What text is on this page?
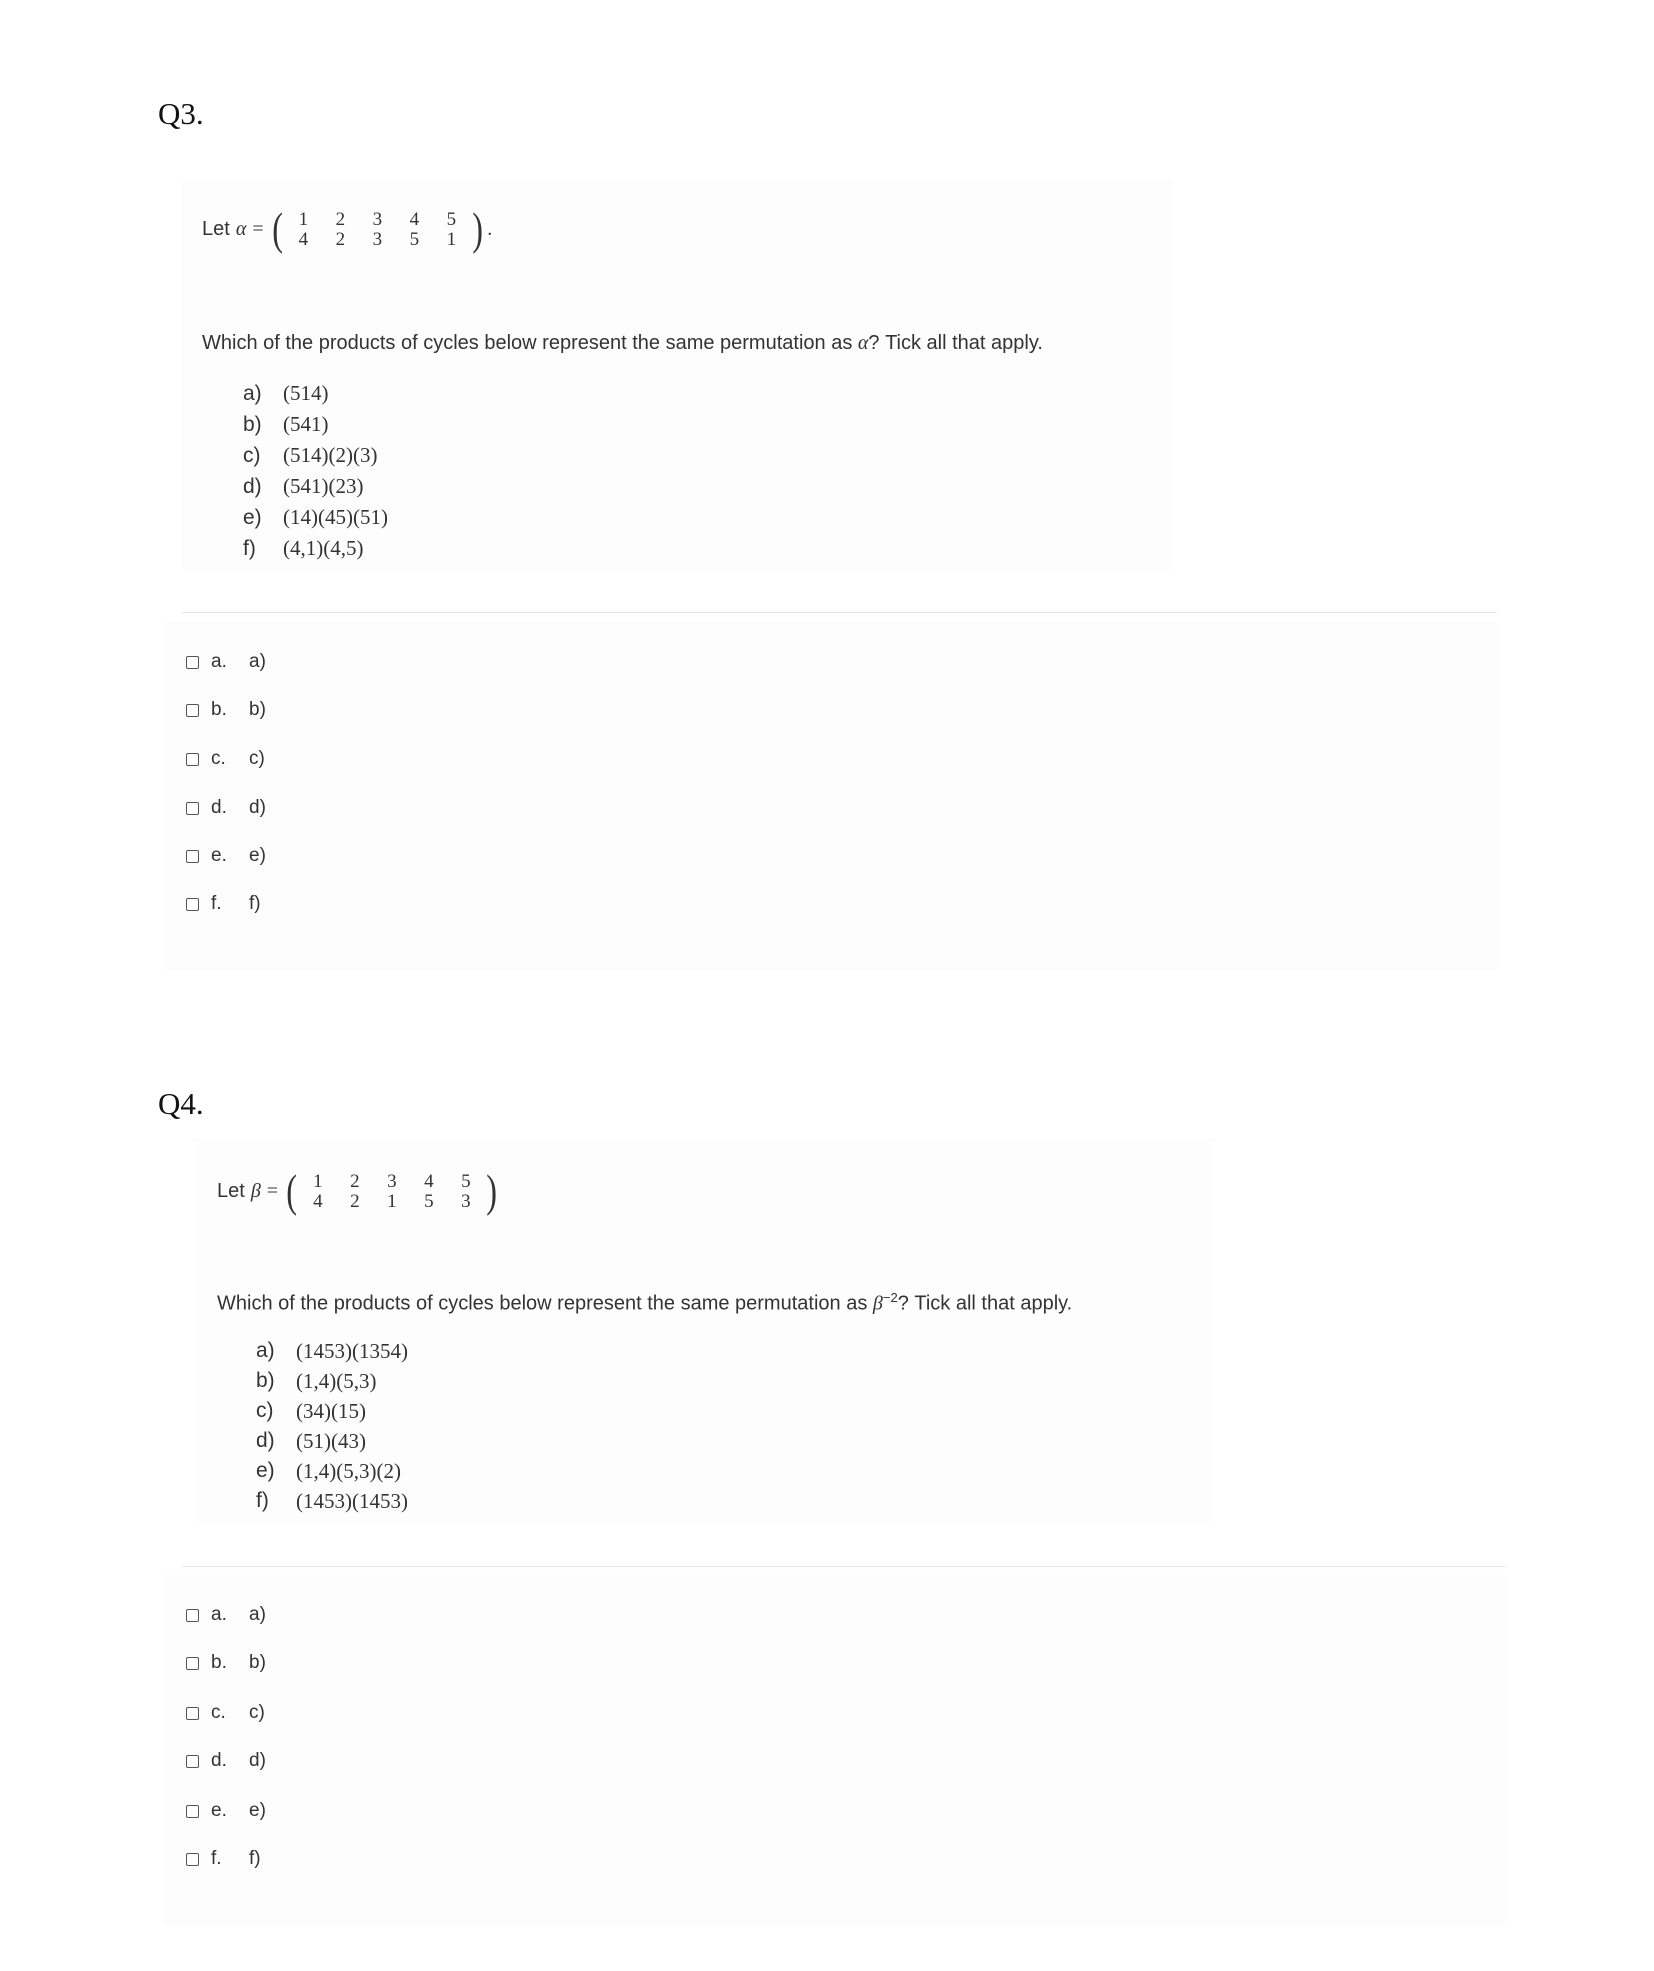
Q3.
Let α = ( 1	2	3	4	5
4	2	3	5	1 ) .
Which of the products of cycles below represent the same permutation as α? Tick all that apply.
a)	(514)
b)	(541)
c)	(514)(2)(3)
d)	(541)(23)
e)	(14)(45)(51)
f)	(4,1)(4,5)
a.	a)
b.	b)
c.	c)
d.	d)
e.	e)
f.	f)
Q4.
Let β = ( 1	2	3	4	5
4	2	1	5	3 )
Which of the products of cycles below represent the same permutation as $\beta^{-2}$? Tick all that apply.
a)	(1453)(1354)
b)	(1,4)(5,3)
c)	(34)(15)
d)	(51)(43)
e)	(1,4)(5,3)(2)
f)	(1453)(1453)
a.	a)
b.	b)
c.	c)
d.	d)
e.	e)
f.	f)
